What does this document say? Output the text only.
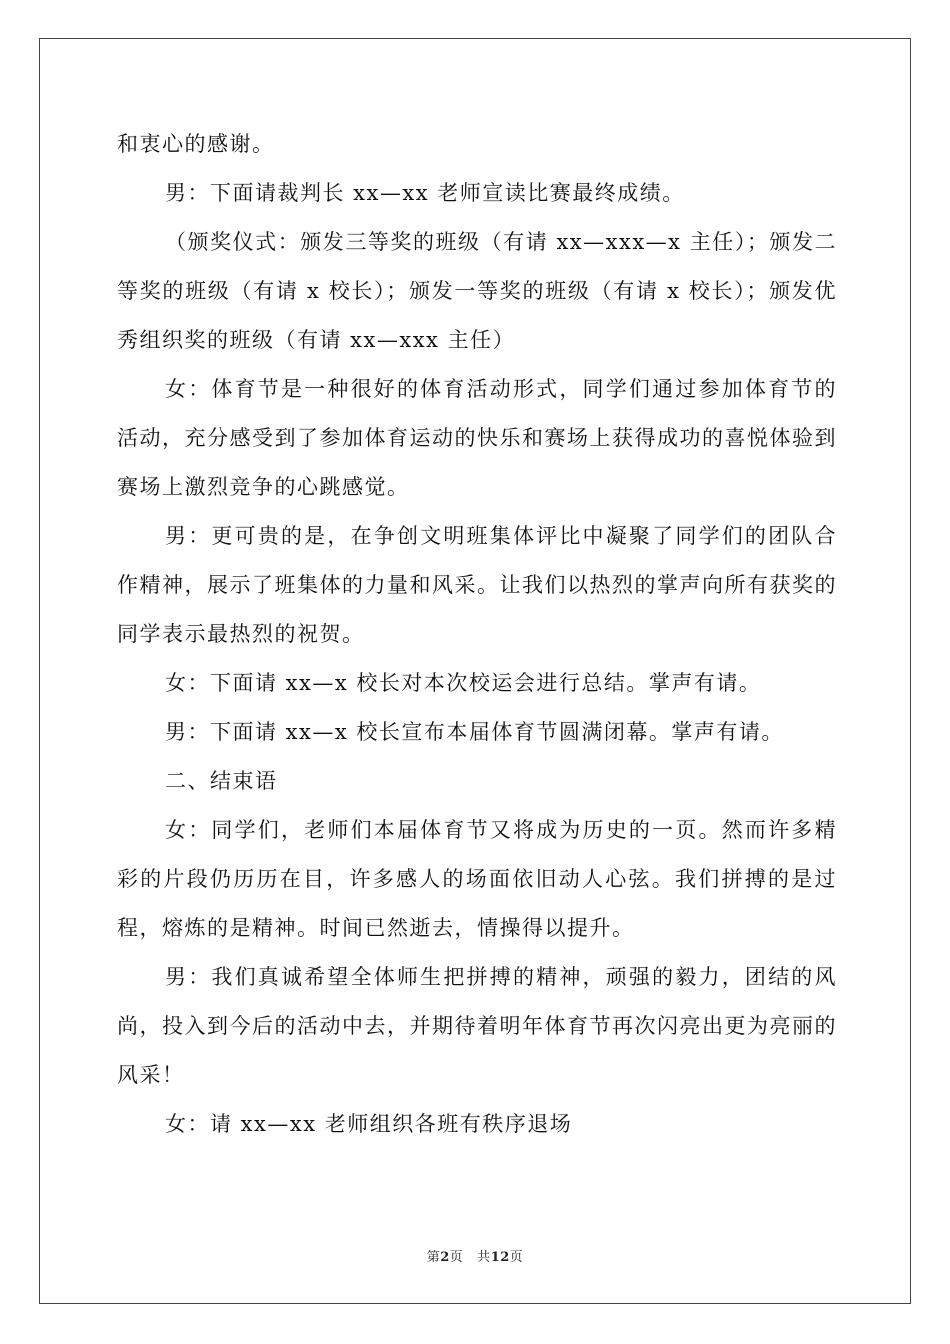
和衷心的感谢。

男：下面请裁判长 xx—xx 老师宣读比赛最终成绩。

（颁奖仪式：颁发三等奖的班级（有请 xx—xxx—x 主任）；颁发二等奖的班级（有请 x 校长）；颁发一等奖的班级（有请 x 校长）；颁发优秀组织奖的班级（有请 xx—xxx 主任）

女：体育节是一种很好的体育活动形式，同学们通过参加体育节的活动，充分感受到了参加体育运动的快乐和赛场上获得成功的喜悦体验到赛场上激烈竞争的心跳感觉。

男：更可贵的是，在争创文明班集体评比中凝聚了同学们的团队合作精神，展示了班集体的力量和风采。让我们以热烈的掌声向所有获奖的同学表示最热烈的祝贺。

女：下面请 xx—x 校长对本次校运会进行总结。掌声有请。

男：下面请 xx—x 校长宣布本届体育节圆满闭幕。掌声有请。

二、结束语

女：同学们，老师们本届体育节又将成为历史的一页。然而许多精彩的片段仍历历在目，许多感人的场面依旧动人心弦。我们拼搏的是过程，熔炼的是精神。时间已然逝去，情操得以提升。

男：我们真诚希望全体师生把拼搏的精神，顽强的毅力，团结的风尚，投入到今后的活动中去，并期待着明年体育节再次闪亮出更为亮丽的风采！

女：请 xx—xx 老师组织各班有秩序退场

第2页 共12页
